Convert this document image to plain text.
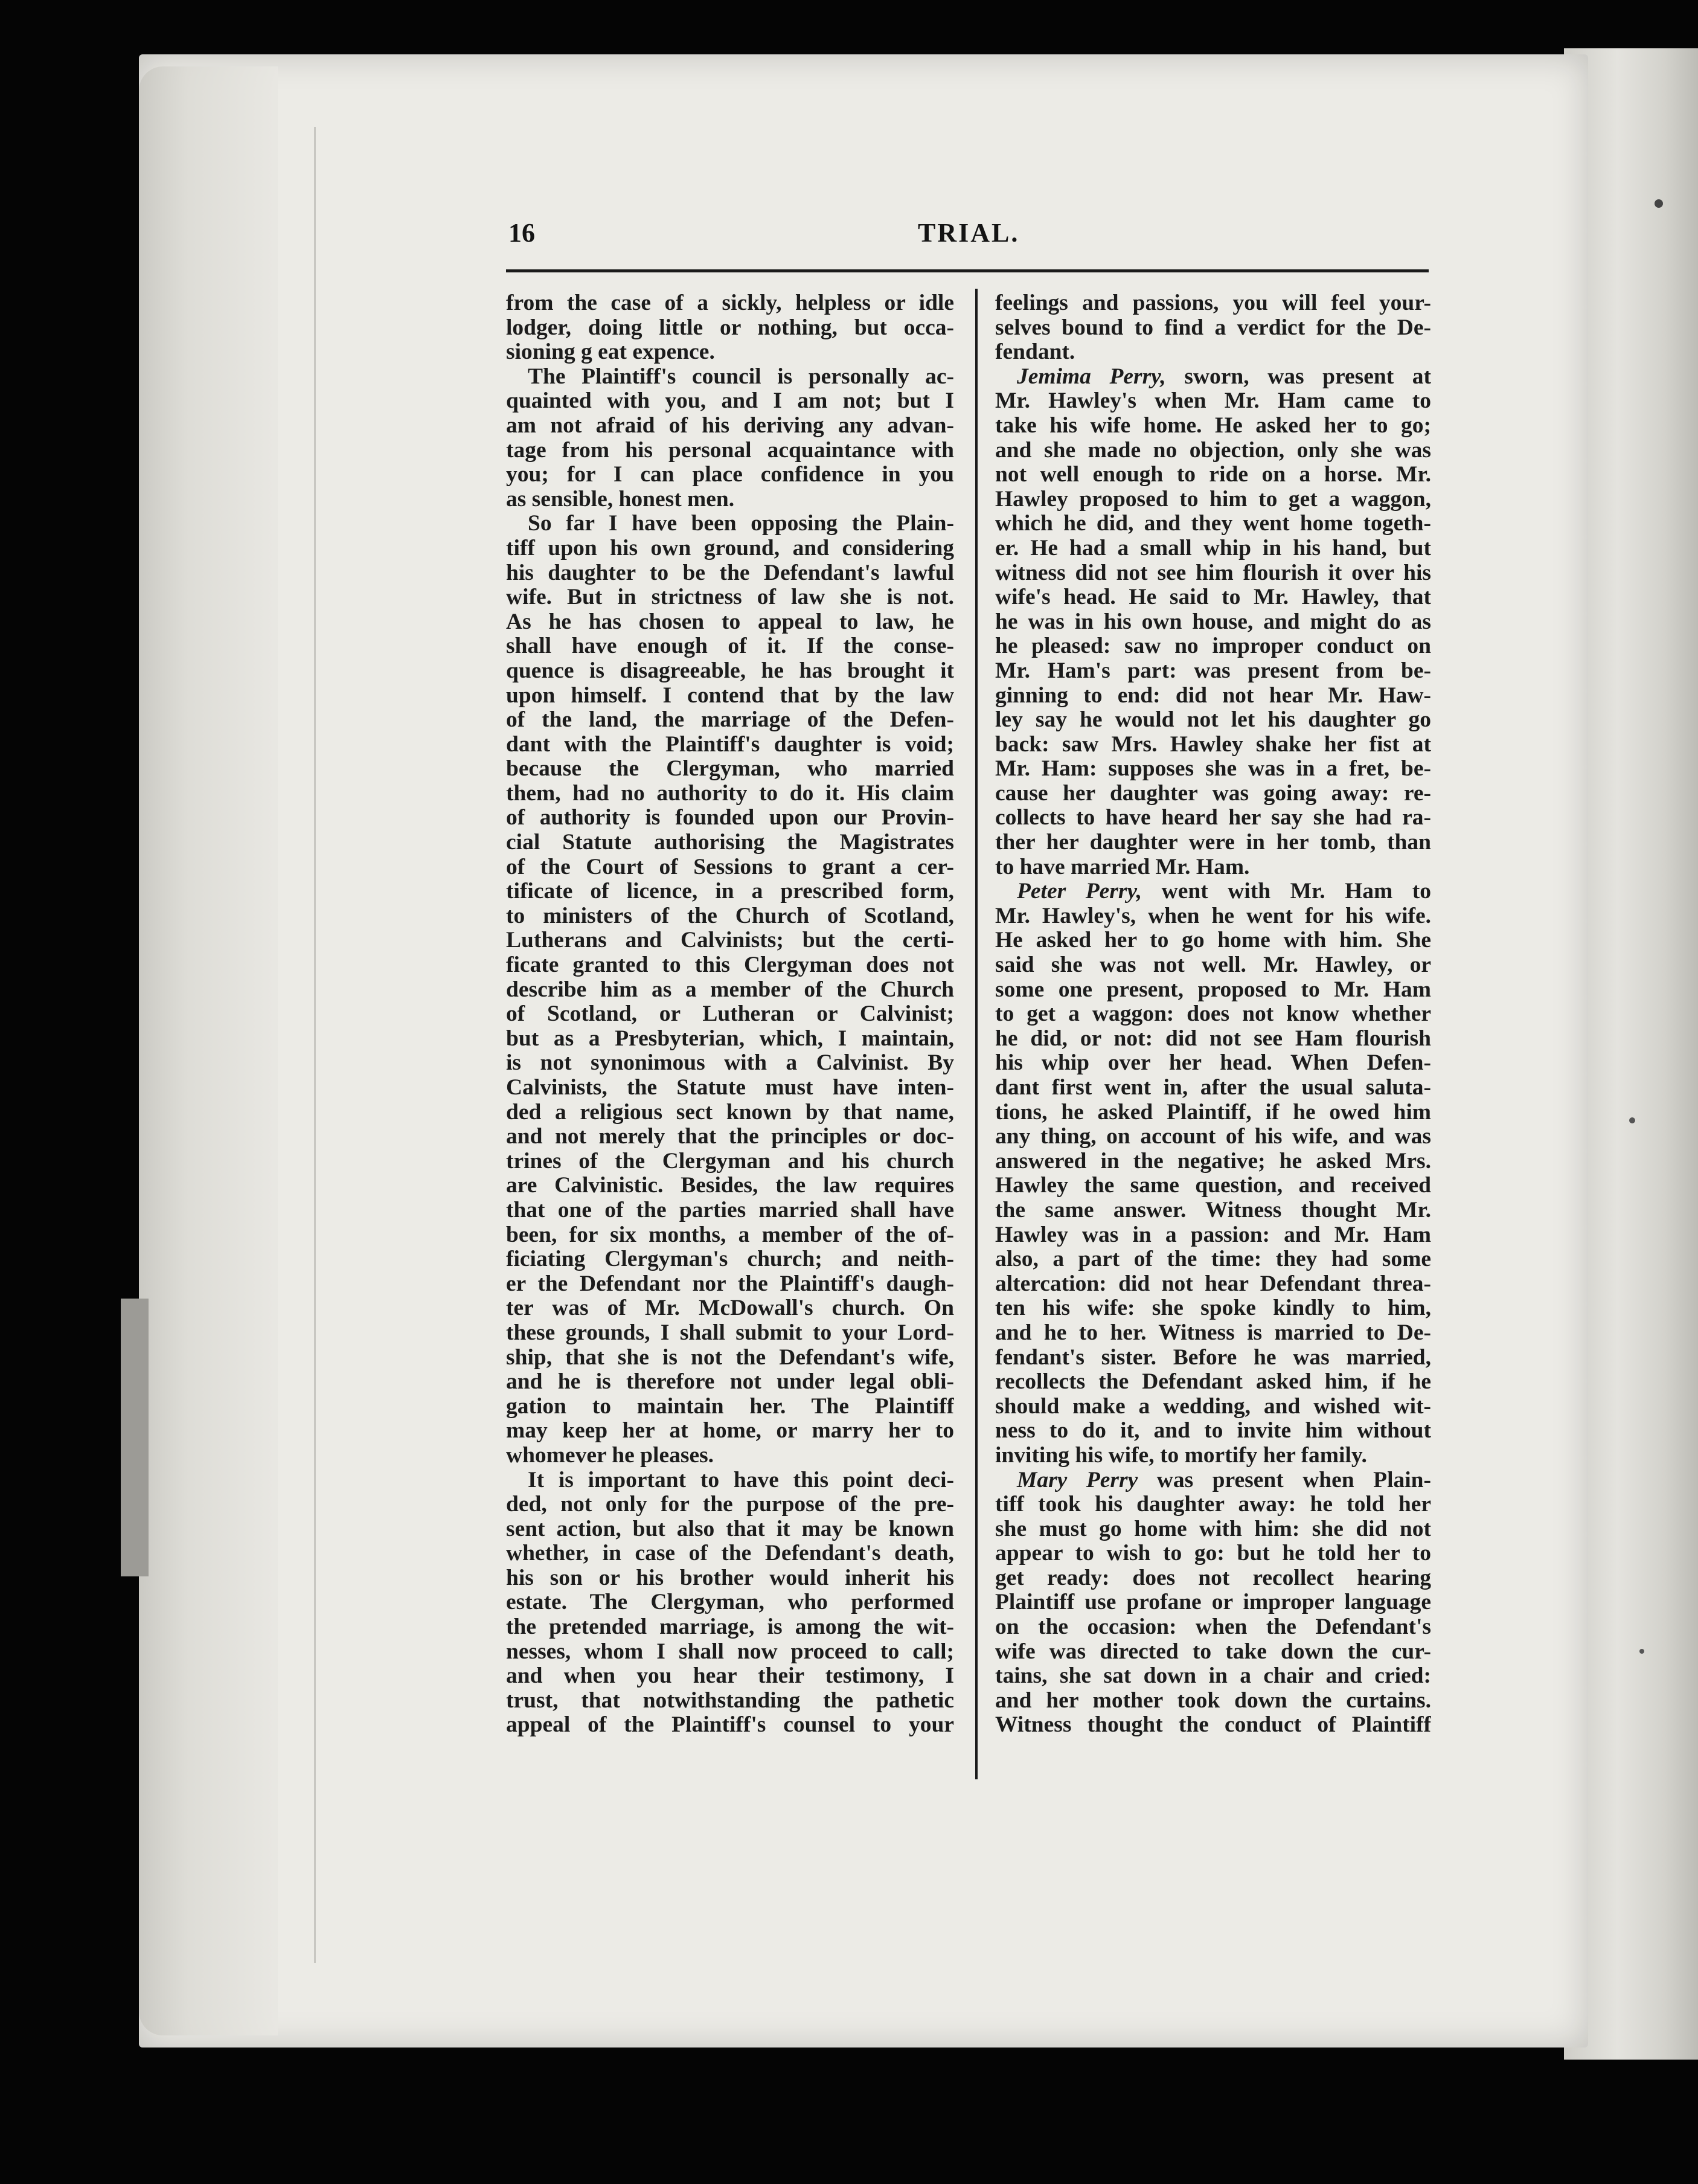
16	TRIAL.
from the case of a sickly, helpless or idle
lodger, doing little or nothing, but occa-
sioning g eat expence.
The Plaintiff's council is personally ac-
quainted with you, and I am not; but I
am not afraid of his deriving any advan-
tage from his personal acquaintance with
you; for I can place confidence in you
as sensible, honest men.
So far I have been opposing the Plain-
tiff upon his own ground, and considering
his daughter to be the Defendant's lawful
wife. But in strictness of law she is not.
As he has chosen to appeal to law, he
shall have enough of it. If the conse-
quence is disagreeable, he has brought it
upon himself. I contend that by the law
of the land, the marriage of the Defen-
dant with the Plaintiff's daughter is void;
because the Clergyman, who married
them, had no authority to do it. His claim
of authority is founded upon our Provin-
cial Statute authorising the Magistrates
of the Court of Sessions to grant a cer-
tificate of licence, in a prescribed form,
to ministers of the Church of Scotland,
Lutherans and Calvinists; but the certi-
ficate granted to this Clergyman does not
describe him as a member of the Church
of Scotland, or Lutheran or Calvinist;
but as a Presbyterian, which, I maintain,
is not synonimous with a Calvinist. By
Calvinists, the Statute must have inten-
ded a religious sect known by that name,
and not merely that the principles or doc-
trines of the Clergyman and his church
are Calvinistic. Besides, the law requires
that one of the parties married shall have
been, for six months, a member of the of-
ficiating Clergyman's church; and neith-
er the Defendant nor the Plaintiff's daugh-
ter was of Mr. McDowall's church. On
these grounds, I shall submit to your Lord-
ship, that she is not the Defendant's wife,
and he is therefore not under legal obli-
gation to maintain her. The Plaintiff
may keep her at home, or marry her to
whomever he pleases.
It is important to have this point deci-
ded, not only for the purpose of the pre-
sent action, but also that it may be known
whether, in case of the Defendant's death,
his son or his brother would inherit his
estate. The Clergyman, who performed
the pretended marriage, is among the wit-
nesses, whom I shall now proceed to call;
and when you hear their testimony, I
trust, that notwithstanding the pathetic
appeal of the Plaintiff's counsel to your
feelings and passions, you will feel your-
selves bound to find a verdict for the De-
fendant.
Jemima Perry, sworn, was present at
Mr. Hawley's when Mr. Ham came to
take his wife home. He asked her to go;
and she made no objection, only she was
not well enough to ride on a horse. Mr.
Hawley proposed to him to get a waggon,
which he did, and they went home togeth-
er. He had a small whip in his hand, but
witness did not see him flourish it over his
wife's head. He said to Mr. Hawley, that
he was in his own house, and might do as
he pleased: saw no improper conduct on
Mr. Ham's part: was present from be-
ginning to end: did not hear Mr. Haw-
ley say he would not let his daughter go
back: saw Mrs. Hawley shake her fist at
Mr. Ham: supposes she was in a fret, be-
cause her daughter was going away: re-
collects to have heard her say she had ra-
ther her daughter were in her tomb, than
to have married Mr. Ham.
Peter Perry, went with Mr. Ham to
Mr. Hawley's, when he went for his wife.
He asked her to go home with him. She
said she was not well. Mr. Hawley, or
some one present, proposed to Mr. Ham
to get a waggon: does not know whether
he did, or not: did not see Ham flourish
his whip over her head. When Defen-
dant first went in, after the usual saluta-
tions, he asked Plaintiff, if he owed him
any thing, on account of his wife, and was
answered in the negative; he asked Mrs.
Hawley the same question, and received
the same answer. Witness thought Mr.
Hawley was in a passion: and Mr. Ham
also, a part of the time: they had some
altercation: did not hear Defendant threa-
ten his wife: she spoke kindly to him,
and he to her. Witness is married to De-
fendant's sister. Before he was married,
recollects the Defendant asked him, if he
should make a wedding, and wished wit-
ness to do it, and to invite him without
inviting his wife, to mortify her family.
Mary Perry was present when Plain-
tiff took his daughter away: he told her
she must go home with him: she did not
appear to wish to go: but he told her to
get ready: does not recollect hearing
Plaintiff use profane or improper language
on the occasion: when the Defendant's
wife was directed to take down the cur-
tains, she sat down in a chair and cried:
and her mother took down the curtains.
Witness thought the conduct of Plaintiff
